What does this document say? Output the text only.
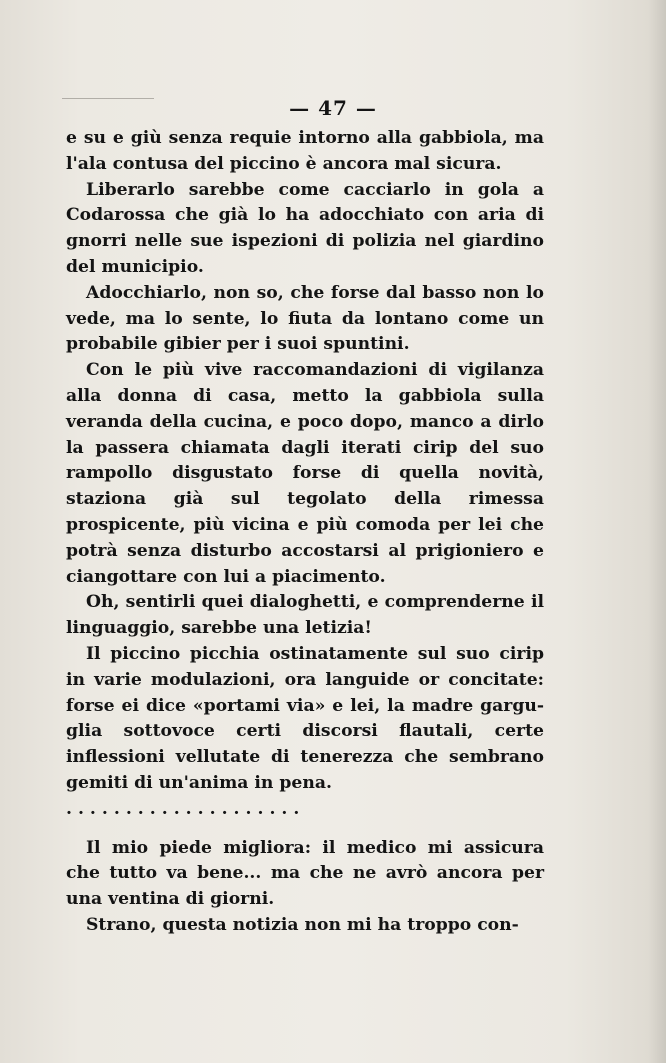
— 47 —

e su e giù senza requie intorno alla gabbiola, ma l'ala contusa del piccino è ancora mal sicura.

Liberarlo sarebbe come cacciarlo in gola a Codarossa che già lo ha adocchiato con aria di gnorri nelle sue ispezioni di polizia nel giardino del municipio.

Adocchiarlo, non so, che forse dal basso non lo vede, ma lo sente, lo fiuta da lontano come un probabile gibier per i suoi spuntini.

Con le più vive raccomandazioni di vigilanza alla donna di casa, metto la gabbiola sulla veranda della cucina, e poco dopo, manco a dirlo la passera chiamata dagli iterati cirip del suo rampollo disgustato forse di quella novità, staziona già sul tegolato della rimessa prospicente, più vicina e più comoda per lei che potrà senza disturbo accostarsi al prigioniero e ciangottare con lui a piacimento.

Oh, sentirli quei dialoghetti, e comprenderne il linguaggio, sarebbe una letizia!

Il piccino picchia ostinatamente sul suo cirip in varie modulazioni, ora languide or concitate: forse ei dice «portami via» e lei, la madre garguglia sottovoce certi discorsi flautali, certe inflessioni vellutate di tenerezza che sembrano gemiti di un'anima in pena.

. . . . . . . . . . . . . . . . . . . .

Il mio piede migliora: il medico mi assicura che tutto va bene... ma che ne avrò ancora per una ventina di giorni.

Strano, questa notizia non mi ha troppo con-
